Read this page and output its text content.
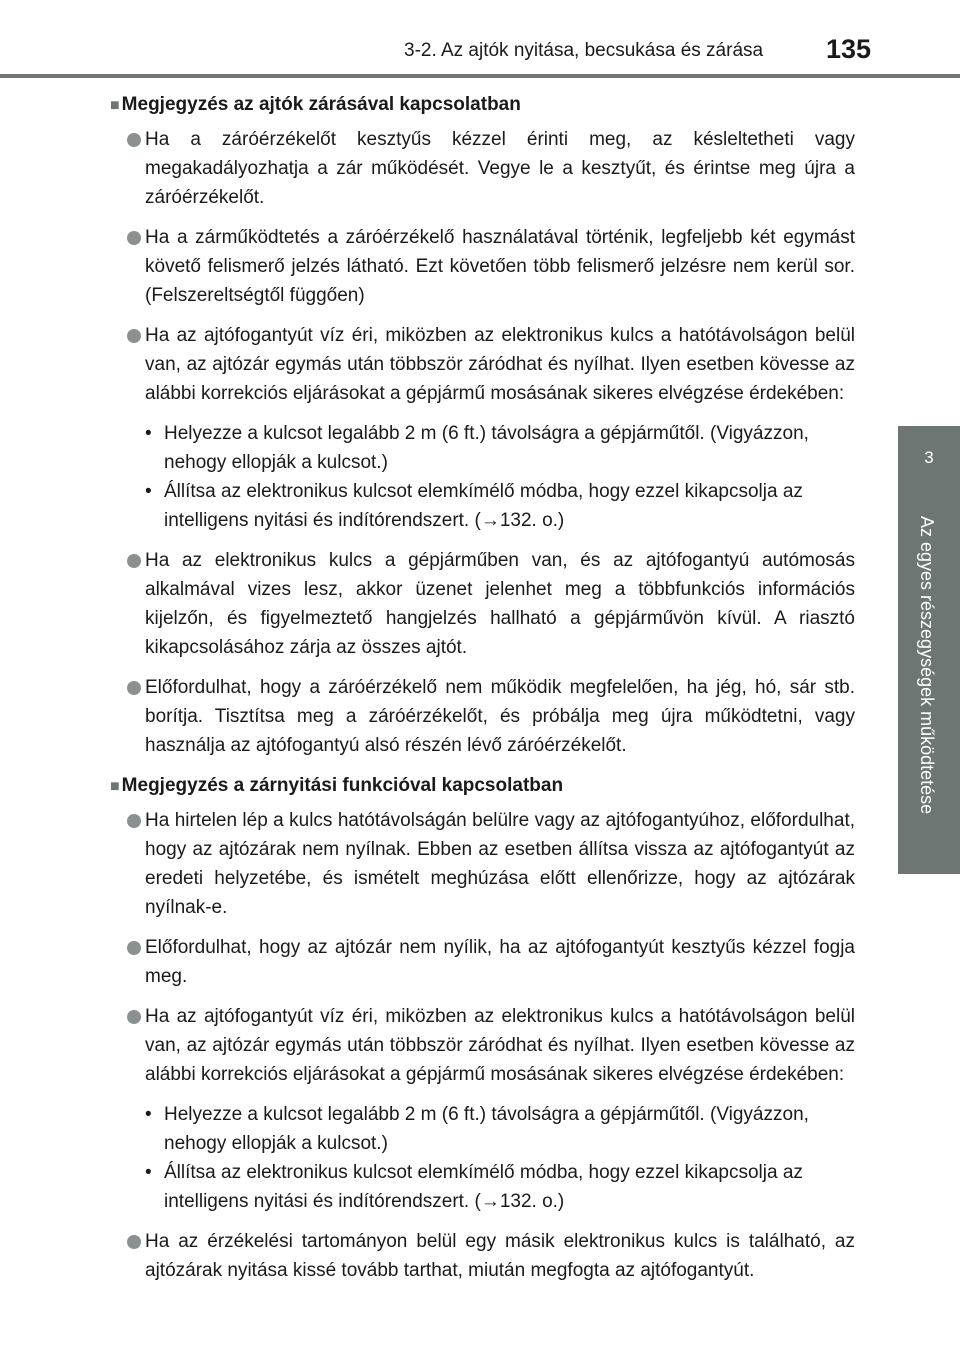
3-2. Az ajtók nyitása, becsukása és zárása 135
3
Az egyes részegységek működtetése
■ Megjegyzés az ajtók zárásával kapcsolatban
Ha a záróérzékelőt kesztyűs kézzel érinti meg, az késleltetheti vagy megakadályozhatja a zár működését. Vegye le a kesztyűt, és érintse meg újra a záróérzékelőt.
Ha a zárműködtetés a záróérzékelő használatával történik, legfeljebb két egymást követő felismerő jelzés látható. Ezt követően több felismerő jelzésre nem kerül sor. (Felszereltségtől függően)
Ha az ajtófogantyút víz éri, miközben az elektronikus kulcs a hatótávolságon belül van, az ajtózár egymás után többször záródhat és nyílhat. Ilyen esetben kövesse az alábbi korrekciós eljárásokat a gépjármű mosásának sikeres elvégzése érdekében:
• Helyezze a kulcsot legalább 2 m (6 ft.) távolságra a gépjárműtől. (Vigyázzon, nehogy ellopják a kulcsot.)
• Állítsa az elektronikus kulcsot elemkímélő módba, hogy ezzel kikapcsolja az intelligens nyitási és indítórendszert. (→132. o.)
Ha az elektronikus kulcs a gépjárműben van, és az ajtófogantyú autómosás alkalmával vizes lesz, akkor üzenet jelenhet meg a többfunkciós információs kijelzőn, és figyelmeztető hangjelzés hallható a gépjárművön kívül. A riasztó kikapcsolásához zárja az összes ajtót.
Előfordulhat, hogy a záróérzékelő nem működik megfelelően, ha jég, hó, sár stb. borítja. Tisztítsa meg a záróérzékelőt, és próbálja meg újra működtetni, vagy használja az ajtófogantyú alsó részén lévő záróérzékelőt.
■ Megjegyzés a zárnyitási funkcióval kapcsolatban
Ha hirtelen lép a kulcs hatótávolságán belülre vagy az ajtófogantyúhoz, előfordulhat, hogy az ajtózárak nem nyílnak. Ebben az esetben állítsa vissza az ajtófogantyút az eredeti helyzetébe, és ismételt meghúzása előtt ellenőrizze, hogy az ajtózárak nyílnak-e.
Előfordulhat, hogy az ajtózár nem nyílik, ha az ajtófogantyút kesztyűs kézzel fogja meg.
Ha az ajtófogantyút víz éri, miközben az elektronikus kulcs a hatótávolságon belül van, az ajtózár egymás után többször záródhat és nyílhat. Ilyen esetben kövesse az alábbi korrekciós eljárásokat a gépjármű mosásának sikeres elvégzése érdekében:
• Helyezze a kulcsot legalább 2 m (6 ft.) távolságra a gépjárműtől. (Vigyázzon, nehogy ellopják a kulcsot.)
• Állítsa az elektronikus kulcsot elemkímélő módba, hogy ezzel kikapcsolja az intelligens nyitási és indítórendszert. (→132. o.)
Ha az érzékelési tartományon belül egy másik elektronikus kulcs is található, az ajtózárak nyitása kissé tovább tarthat, miután megfogta az ajtófogantyút.
